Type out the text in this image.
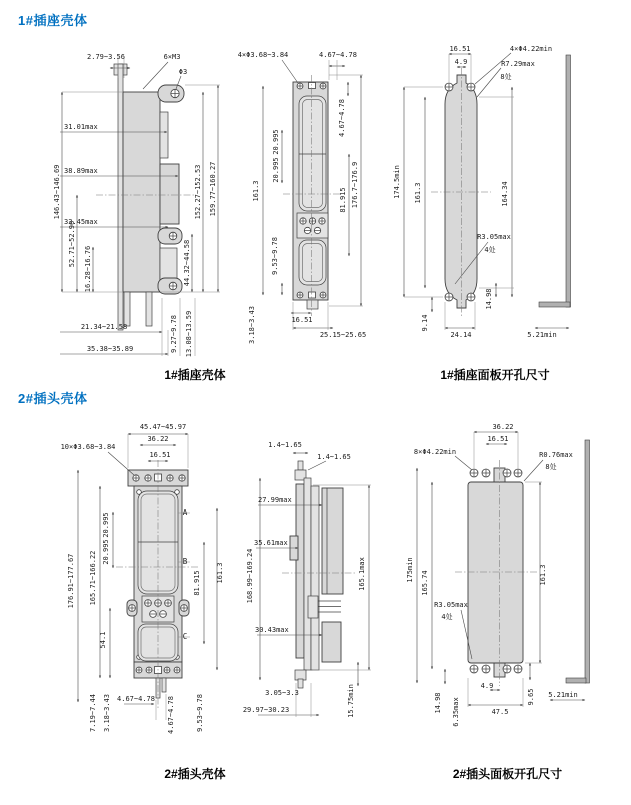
1#插座壳体
2.79~3.56	6×M3
Φ3
31.01max
38.89max
146.43~146.69
33.45max
52.71~52.96
16.28~16.76
152.27~152.53 159.77~160.27
44.32~44.58
21.34~21.58
35.38~35.89	9.27~9.78 13.08~13.59
4×Φ3.68~3.84	4.67~4.78
20.995
20.995
161.3
4.67~4.78
81.915 176.7~176.9
9.53~9.78
3.18~3.43	16.51
25.15~25.65
16.51
4.9
4×Φ4.22min
R7.29max
8处
174.5min 161.3	164.34
R3.05max
4处
14.98
9.14
24.14	5.21min
1#插座壳体	1#插座面板开孔尺寸
2#插头壳体
45.47~45.97
36.22
16.51
10×Φ3.68~3.84
20.995
20.995
176.91~177.67 165.71~166.22	161.3
81.915
54.1
A
B
C
7.19~7.44 3.18~3.43 4.67~4.78 4.67~4.78	9.53~9.78
1.4~1.65
1.4~1.65
27.99max
35.61max
168.99~169.24	165.1max
30.43max
3.05~3.3
29.97~30.23	15.75min
36.22
16.51
8×Φ4.22min	R0.76max
8处
175min
165.74	161.3
R3.05max
4处
14.98 6.35max
4.9
47.5
9.65 5.21min
2#插头壳体	2#插头面板开孔尺寸
